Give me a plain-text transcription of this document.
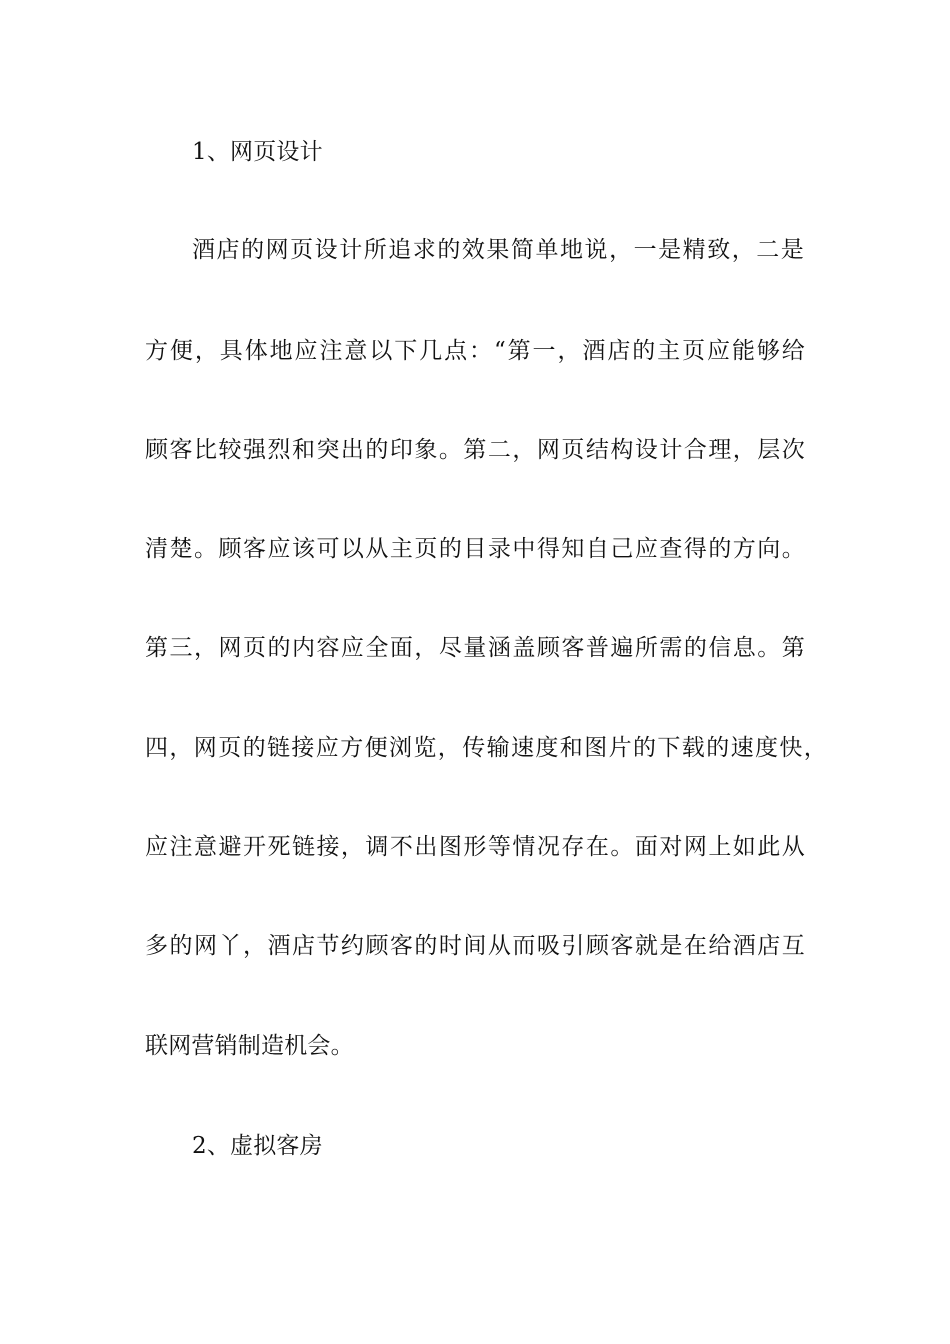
1、网页设计
酒店的网页设计所追求的效果简单地说，一是精致，二是
方便，具体地应注意以下几点：“第一，酒店的主页应能够给
顾客比较强烈和突出的印象。第二，网页结构设计合理，层次
清楚。顾客应该可以从主页的目录中得知自己应查得的方向。
第三，网页的内容应全面，尽量涵盖顾客普遍所需的信息。第
四，网页的链接应方便浏览，传输速度和图片的下载的速度快，
应注意避开死链接，调不出图形等情况存在。面对网上如此从
多的网丫，酒店节约顾客的时间从而吸引顾客就是在给酒店互
联网营销制造机会。
2、虚拟客房
